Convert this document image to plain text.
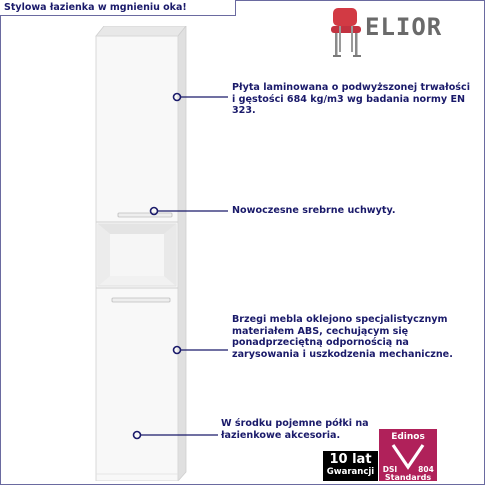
Stylowa łazienka w mgnieniu oka!
ELIOR
Płyta laminowana o podwyższonej trwałości i gęstości 684 kg/m3 wg badania normy EN 323.
Nowoczesne srebrne uchwyty.
Brzegi mebla oklejono specjalistycznym materiałem ABS, cechującym się ponadprzeciętną odpornością na zarysowania i uszkodzenia mechaniczne.
W środku pojemne półki na łazienkowe akcesoria.
10 lat
Gwarancji
Edinos
DSI	804
Standards
